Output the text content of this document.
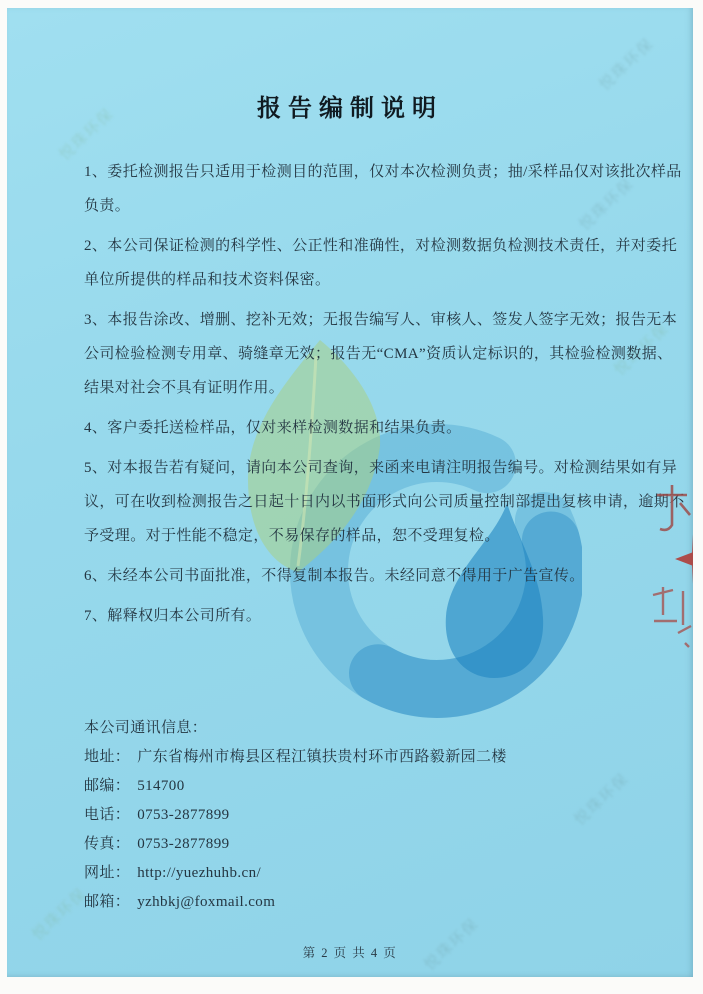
悦珠环保
悦珠环保
悦珠环保
悦珠环保
悦珠环保
悦珠环保
悦珠环保
报告编制说明
1、委托检测报告只适用于检测目的范围，仅对本次检测负责；抽/采样品仅对该批次样品
负责。
2、本公司保证检测的科学性、公正性和准确性，对检测数据负检测技术责任，并对委托
单位所提供的样品和技术资料保密。
3、本报告涂改、增删、挖补无效；无报告编写人、审核人、签发人签字无效；报告无本
公司检验检测专用章、骑缝章无效；报告无“CMA”资质认定标识的，其检验检测数据、
结果对社会不具有证明作用。
4、客户委托送检样品，仅对来样检测数据和结果负责。
5、对本报告若有疑问，请向本公司查询，来函来电请注明报告编号。对检测结果如有异
议，可在收到检测报告之日起十日内以书面形式向公司质量控制部提出复核申请，逾期不
予受理。对于性能不稳定，不易保存的样品，恕不受理复检。
6、未经本公司书面批准，不得复制本报告。未经同意不得用于广告宣传。
7、解释权归本公司所有。
本公司通讯信息：
地址： 广东省梅州市梅县区程江镇扶贵村环市西路毅新园二楼
邮编： 514700
电话： 0753-2877899
传真： 0753-2877899
网址： http://yuezhuhb.cn/
邮箱： yzhbkj@foxmail.com
第 2 页 共 4 页
